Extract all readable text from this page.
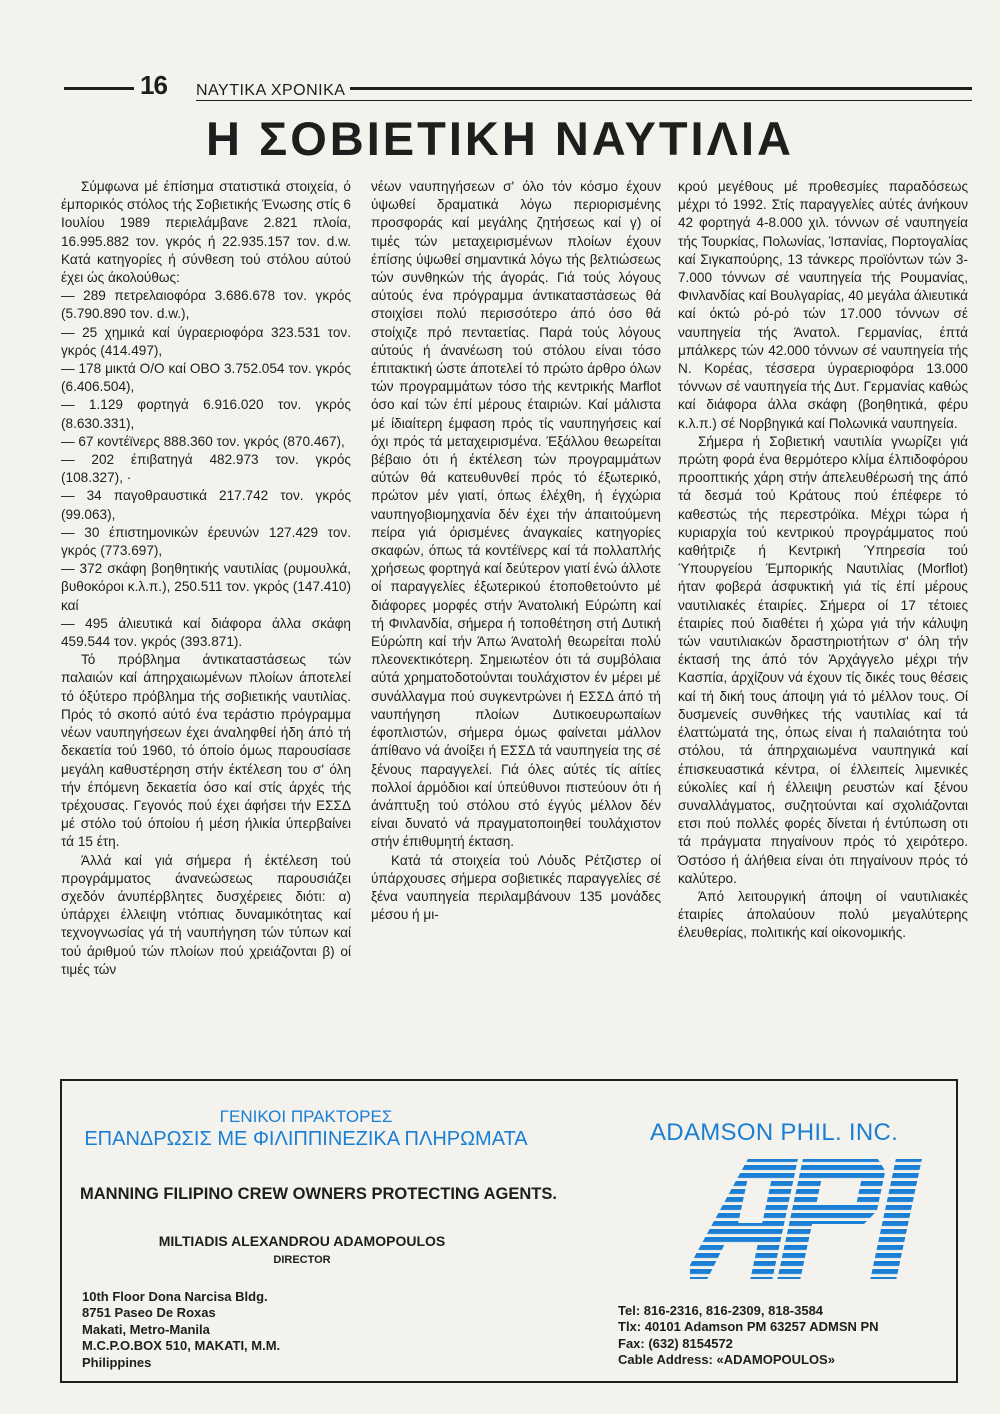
16 ΝΑΥΤΙΚΑ ΧΡΟΝΙΚΑ
Η ΣΟΒΙΕΤΙΚΗ ΝΑΥΤΙΛΙΑ

Σύμφωνα μέ έπίσημα στατιστικά στοιχεία, ό έμπορικός στόλος τής Σοβιετικής Ένωσης στίς 6 Ιουλίου 1989 περιελάμβανε 2.821 πλοία, 16.995.882 τον. γκρός ή 22.935.157 τον. d.w. Κατά κατηγορίες ή σύνθεση τού στόλου αύτού έχει ώς άκολούθως:

— 289 πετρελαιοφόρα 3.686.678 τον. γκρός (5.790.890 τον. d.w.),

— 25 χημικά καί ύγραεριοφόρα 323.531 τον. γκρός (414.497),

— 178 μικτά Ο/Ο καί ΟΒΟ 3.752.054 τον. γκρός (6.406.504),

— 1.129 φορτηγά 6.916.020 τον. γκρός (8.630.331),

— 67 κοντέϊνερς 888.360 τον. γκρός (870.467),

— 202 έπιβατηγά 482.973 τον. γκρός (108.327), ·

— 34 παγοθραυστικά 217.742 τον. γκρός (99.063),

— 30 έπιστημονικών έρευνών 127.429 τον. γκρός (773.697),

— 372 σκάφη βοηθητικής ναυτιλίας (ρυμουλκά, βυθοκόροι κ.λ.π.), 250.511 τον. γκρός (147.410) καί

— 495 άλιευτικά καί διάφορα άλλα σκάφη 459.544 τον. γκρός (393.871).

Τό πρόβλημα άντικαταστάσεως τών παλαιών καί άπηρχαιωμένων πλοίων άποτελεί τό όξύτερο πρόβλημα τής σοβιετικής ναυτιλίας. Πρός τό σκοπό αύτό ένα τεράστιο πρόγραμμα νέων ναυπηγήσεων έχει άναληφθεί ήδη άπό τή δεκαετία τού 1960, τό όποίο όμως παρουσίασε μεγάλη καθυστέρηση στήν έκτέλεση του σ' όλη τήν έπόμενη δεκαετία όσο καί στίς άρχές τής τρέχουσας. Γεγονός πού έχει άφήσει τήν ΕΣΣΔ μέ στόλο τού όποίου ή μέση ήλικία ύπερβαίνει τά 15 έτη.

Άλλά καί γιά σήμερα ή έκτέλεση τού προγράμματος άνανεώσεως παρουσιάζει σχεδόν άνυπέρβλητες δυσχέρειες διότι: α) ύπάρχει έλλειψη ντόπιας δυναμικότητας καί τεχνογνωσίας γά τή ναυπήγηση τών τύπων καί τού άριθμού τών πλοίων πού χρειάζονται β) οί τιμές τών

νέων ναυπηγήσεων σ' όλο τόν κόσμο έχουν ύψωθεί δραματικά λόγω περιορισμένης προσφοράς καί μεγάλης ζητήσεως καί γ) οί τιμές τών μεταχειρισμένων πλοίων έχουν έπίσης ύψωθεί σημαντικά λόγω τής βελτιώσεως τών συνθηκών τής άγοράς. Γιά τούς λόγους αύτούς ένα πρόγραμμα άντικαταστάσεως θά στοιχίσει πολύ περισσότερο άπό όσο θά στοίχιζε πρό πενταετίας. Παρά τούς λόγους αύτούς ή άνανέωση τού στόλου είναι τόσο έπιτακτική ώστε άποτελεί τό πρώτο άρθρο όλων τών προγραμμάτων τόσο τής κεντρικής Marflot όσο καί τών έπί μέρους έταιριών. Καί μάλιστα μέ ίδιαίτερη έμφαση πρός τίς ναυπηγήσεις καί όχι πρός τά μεταχειρισμένα. Έξάλλου θεωρείται βέβαιο ότι ή έκτέλεση τών προγραμμάτων αύτών θά κατευθυνθεί πρός τό έξωτερικό, πρώτον μέν γιατί, όπως έλέχθη, ή έγχώρια ναυπηγοβιομηχανία δέν έχει τήν άπαιτούμενη πείρα γιά όρισμένες άναγκαίες κατηγορίες σκαφών, όπως τά κοντέϊνερς καί τά πολλαπλής χρήσεως φορτηγά καί δεύτερον γιατί ένώ άλλοτε οί παραγγελίες έξωτερικού έτοποθετούντο μέ διάφορες μορφές στήν Άνατολική Εύρώπη καί τή Φινλανδία, σήμερα ή τοποθέτηση στή Δυτική Εύρώπη καί τήν Άπω Άνατολή θεωρείται πολύ πλεονεκτικότερη. Σημειωτέον ότι τά συμβόλαια αύτά χρηματοδοτούνται τουλάχιστον έν μέρει μέ συνάλλαγμα πού συγκεντρώνει ή ΕΣΣΔ άπό τή ναυπήγηση πλοίων Δυτικοευρωπαίων έφοπλιστών, σήμερα όμως φαίνεται μάλλον άπίθανο νά άνοίξει ή ΕΣΣΔ τά ναυπηγεία της σέ ξένους παραγγελεί. Γιά όλες αύτές τίς αίτίες πολλοί άρμόδιοι καί ύπεύθυνοι πιστεύουν ότι ή άνάπτυξη τού στόλου στό έγγύς μέλλον δέν είναι δυνατό νά πραγματοποιηθεί τουλάχιστον στήν έπιθυμητή έκταση.

Κατά τά στοιχεία τού Λόυδς Ρέτζιστερ οί ύπάρχουσες σήμερα σοβιετικές παραγγελίες σέ ξένα ναυπηγεία περιλαμβάνουν 135 μονάδες μέσου ή μι-

κρού μεγέθους μέ προθεσμίες παραδόσεως μέχρι τό 1992. Στίς παραγγελίες αύτές άνήκουν 42 φορτηγά 4-8.000 χιλ. τόννων σέ ναυπηγεία τής Τουρκίας, Πολωνίας, Ίσπανίας, Πορτογαλίας καί Σιγκαπούρης, 13 τάνκερς προϊόντων τών 3-7.000 τόννων σέ ναυπηγεία τής Ρουμανίας, Φινλανδίας καί Βουλγαρίας, 40 μεγάλα άλιευτικά καί όκτώ ρό-ρό τών 17.000 τόννων σέ ναυπηγεία τής Άνατολ. Γερμανίας, έπτά μπάλκερς τών 42.000 τόννων σέ ναυπηγεία τής Ν. Κορέας, τέσσερα ύγραεριοφόρα 13.000 τόννων σέ ναυπηγεία τής Δυτ. Γερμανίας καθώς καί διάφορα άλλα σκάφη (βοηθητικά, φέρυ κ.λ.π.) σέ Νορβηγικά καί Πολωνικά ναυπηγεία.

Σήμερα ή Σοβιετική ναυτιλία γνωρίζει γιά πρώτη φορά ένα θερμότερο κλίμα έλπιδοφόρου προοπτικής χάρη στήν άπελευθέρωσή της άπό τά δεσμά τού Κράτους πού έπέφερε τό καθεστώς τής περεστρόϊκα. Μέχρι τώρα ή κυριαρχία τού κεντρικού προγράμματος πού καθήτριζε ή Κεντρική Ύπηρεσία τού Ύπουργείου Έμπορικής Ναυτιλίας (Morflot) ήταν φοβερά άσφυκτική γιά τίς έπί μέρους ναυτιλιακές έταιρίες. Σήμερα οί 17 τέτοιες έταιρίες πού διαθέτει ή χώρα γιά τήν κάλυψη τών ναυτιλιακών δραστηριοτήτων σ' όλη τήν έκτασή της άπό τόν Άρχάγγελο μέχρι τήν Κασπία, άρχίζουν νά έχουν τίς δικές τους θέσεις καί τή δική τους άποψη γιά τό μέλλον τους. Οί δυσμενείς συνθήκες τής ναυτιλίας καί τά έλαττώματά της, όπως είναι ή παλαιότητα τού στόλου, τά άπηρχαιωμένα ναυπηγικά καί έπισκευαστικά κέντρα, οί έλλειπείς λιμενικές εύκολίες καί ή έλλειψη ρευστών καί ξένου συναλλάγματος, συζητούνται καί σχολιάζονται ετσι πού πολλές φορές δίνεται ή έντύπωση οτι τά πράγματα πηγαίνουν πρός τό χειρότερο. Όστόσο ή άλήθεια είναι ότι πηγαίνουν πρός τό καλύτερο.

Άπό λειτουργική άποψη οί ναυτιλιακές έταιρίες άπολαύουν πολύ μεγαλύτερης έλευθερίας, πολιτικής καί οίκονομικής.

ΓΕΝΙΚΟΙ ΠΡΑΚΤΟΡΕΣ
ΕΠΑΝΔΡΩΣΙΣ ΜΕ ΦΙΛΙΠΠΙΝΕΖΙΚΑ ΠΛΗΡΩΜΑΤΑ	ADAMSON PHIL. INC.
MANNING FILIPINO CREW OWNERS PROTECTING AGENTS.
MILTIADIS ALEXANDROU ADAMOPOULOS
DIRECTOR
10th Floor Dona Narcisa Bldg.
8751 Paseo De Roxas
Makati, Metro-Manila
M.C.P.O.BOX 510, MAKATI, M.M.
Philippines
Tel: 816-2316, 816-2309, 818-3584
Tlx: 40101 Adamson PM 63257 ADMSN PN
Fax: (632) 8154572
Cable Address: «ADAMOPOULOS»
